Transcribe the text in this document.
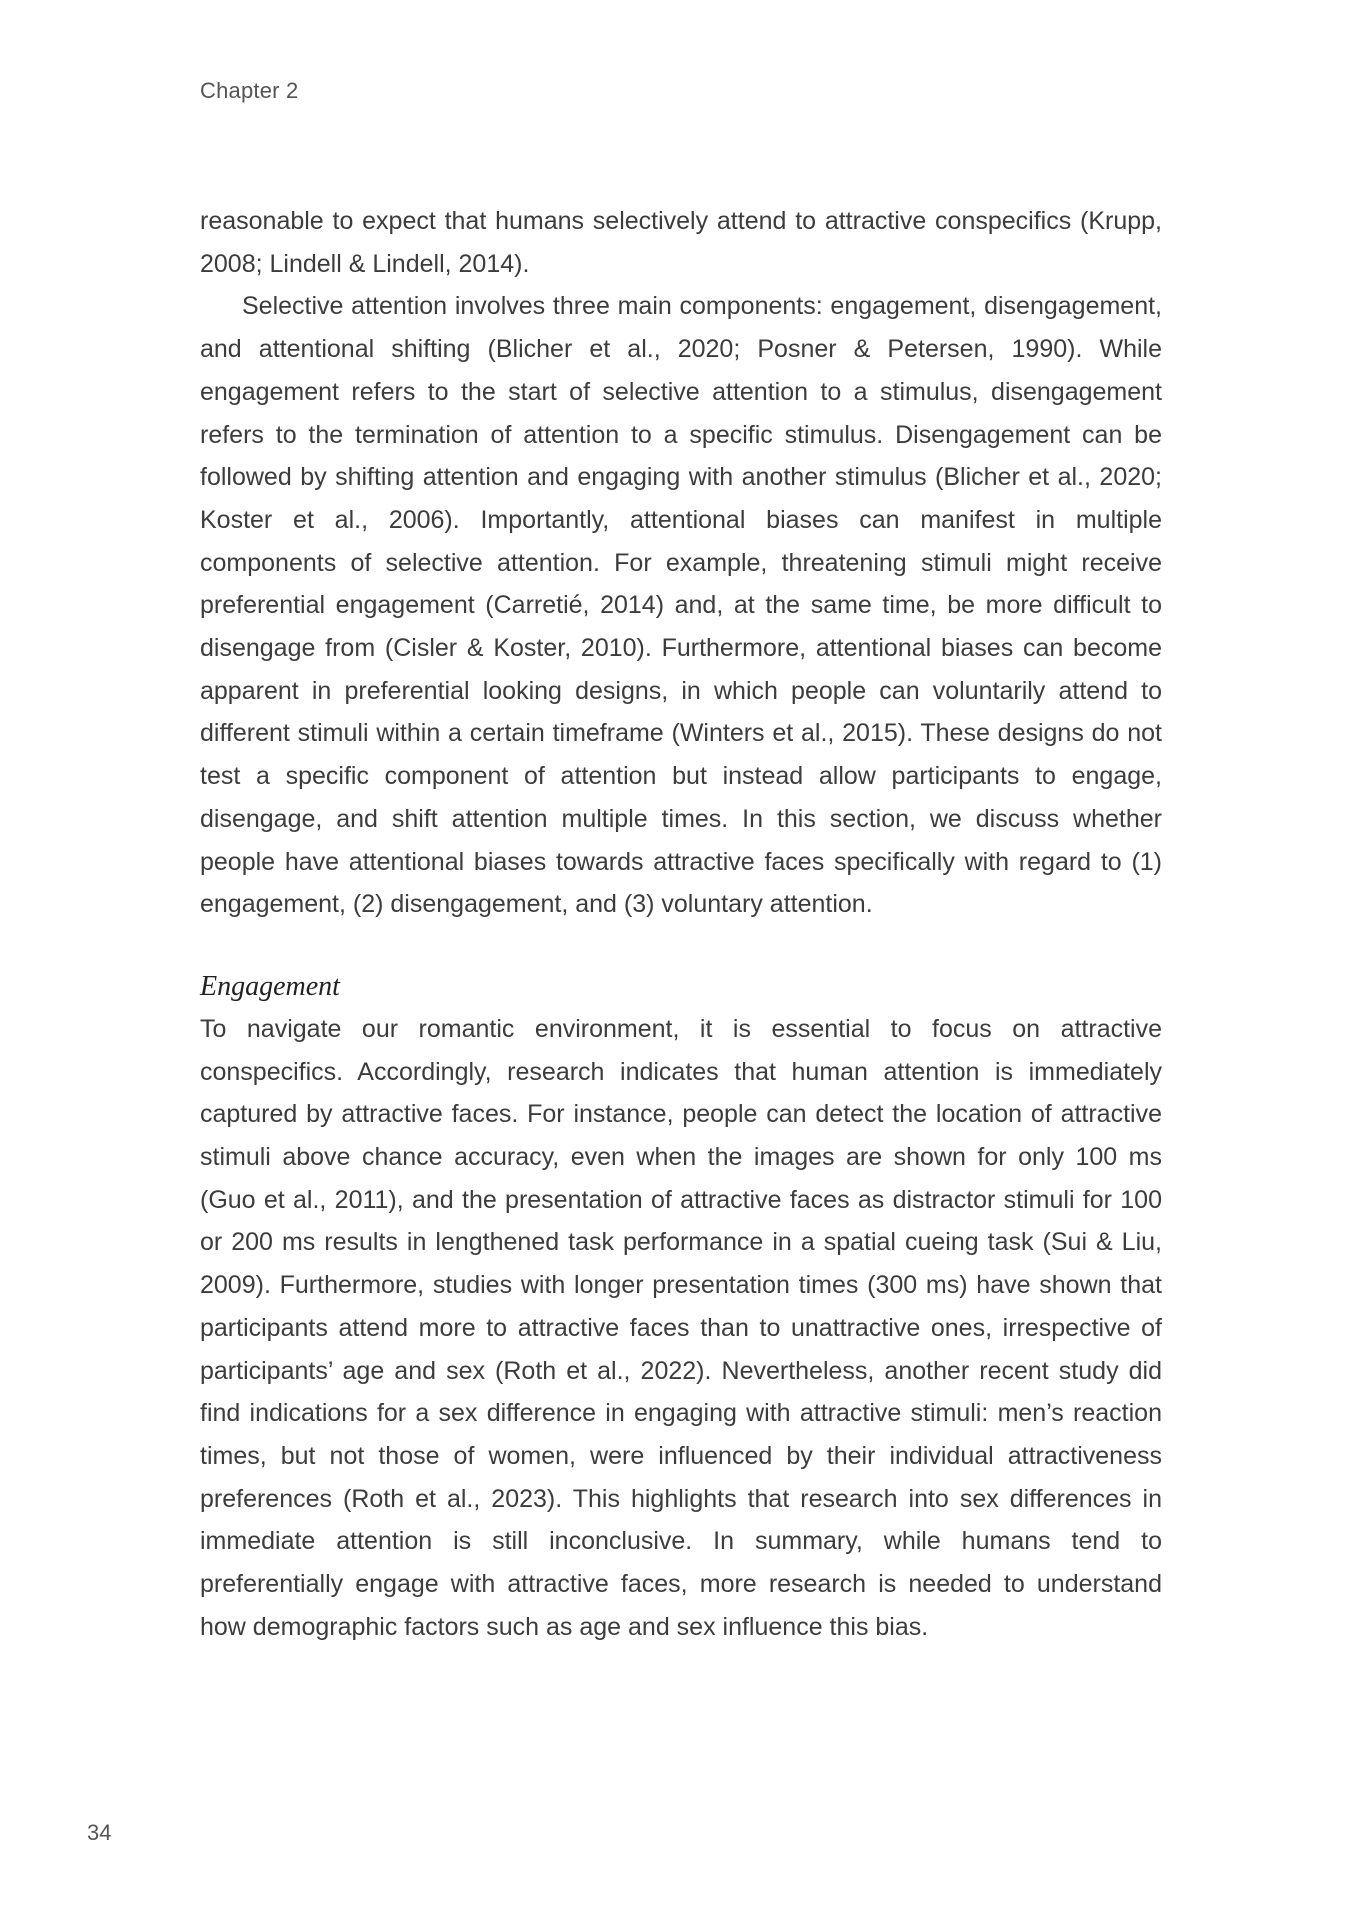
Chapter 2

reasonable to expect that humans selectively attend to attractive conspecifics (Krupp, 2008; Lindell & Lindell, 2014).

Selective attention involves three main components: engagement, disengagement, and attentional shifting (Blicher et al., 2020; Posner & Petersen, 1990). While engagement refers to the start of selective attention to a stimulus, disengagement refers to the termination of attention to a specific stimulus. Disengagement can be followed by shifting attention and engaging with another stimulus (Blicher et al., 2020; Koster et al., 2006). Importantly, attentional biases can manifest in multiple components of selective attention. For example, threatening stimuli might receive preferential engagement (Carretié, 2014) and, at the same time, be more difficult to disengage from (Cisler & Koster, 2010). Furthermore, attentional biases can become apparent in preferential looking designs, in which people can voluntarily attend to different stimuli within a certain timeframe (Winters et al., 2015). These designs do not test a specific component of attention but instead allow participants to engage, disengage, and shift attention multiple times. In this section, we discuss whether people have attentional biases towards attractive faces specifically with regard to (1) engagement, (2) disengagement, and (3) voluntary attention.

Engagement

To navigate our romantic environment, it is essential to focus on attractive conspecifics. Accordingly, research indicates that human attention is immediately captured by attractive faces. For instance, people can detect the location of attractive stimuli above chance accuracy, even when the images are shown for only 100 ms (Guo et al., 2011), and the presentation of attractive faces as distractor stimuli for 100 or 200 ms results in lengthened task performance in a spatial cueing task (Sui & Liu, 2009). Furthermore, studies with longer presentation times (300 ms) have shown that participants attend more to attractive faces than to unattractive ones, irrespective of participants’ age and sex (Roth et al., 2022). Nevertheless, another recent study did find indications for a sex difference in engaging with attractive stimuli: men’s reaction times, but not those of women, were influenced by their individual attractiveness preferences (Roth et al., 2023). This highlights that research into sex differences in immediate attention is still inconclusive. In summary, while humans tend to preferentially engage with attractive faces, more research is needed to understand how demographic factors such as age and sex influence this bias.

34
